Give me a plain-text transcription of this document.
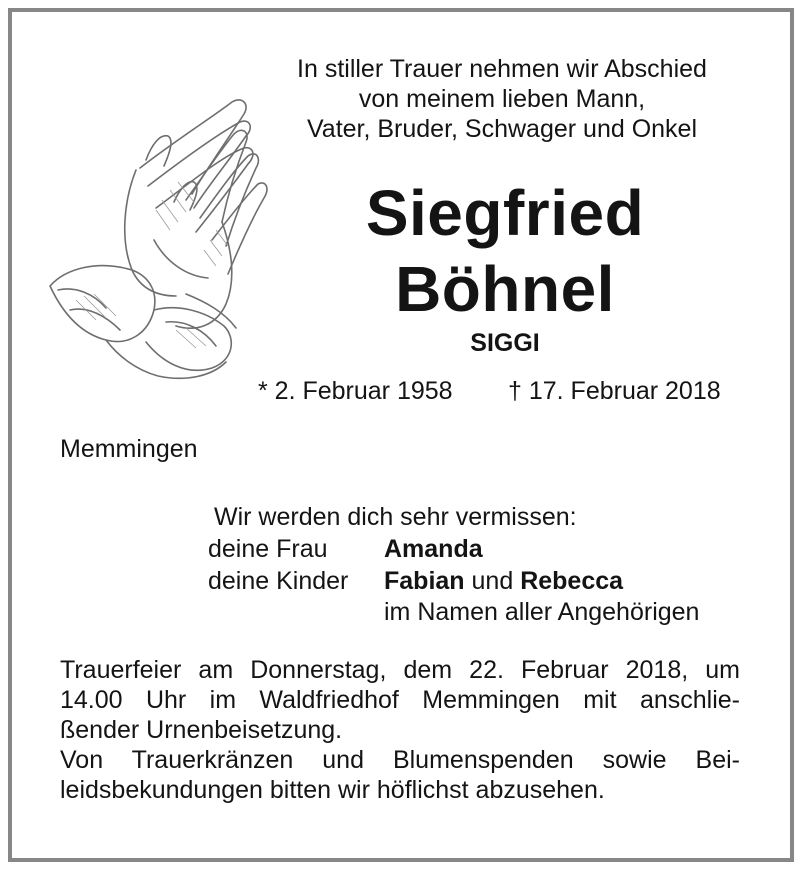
In stiller Trauer nehmen wir Abschied
von meinem lieben Mann,
Vater, Bruder, Schwager und Onkel
Siegfried
Böhnel
SIGGI
* 2. Februar 1958 † 17. Februar 2018
Memmingen
Wir werden dich sehr vermissen:
deine Frau Amanda
deine Kinder Fabian und Rebecca
im Namen aller Angehörigen
Trauerfeier am Donnerstag, dem 22. Februar 2018, um
14.00 Uhr im Waldfriedhof Memmingen mit anschlie-
ßender Urnenbeisetzung.
Von Trauerkränzen und Blumenspenden sowie Bei-
leidsbekundungen bitten wir höflichst abzusehen.
